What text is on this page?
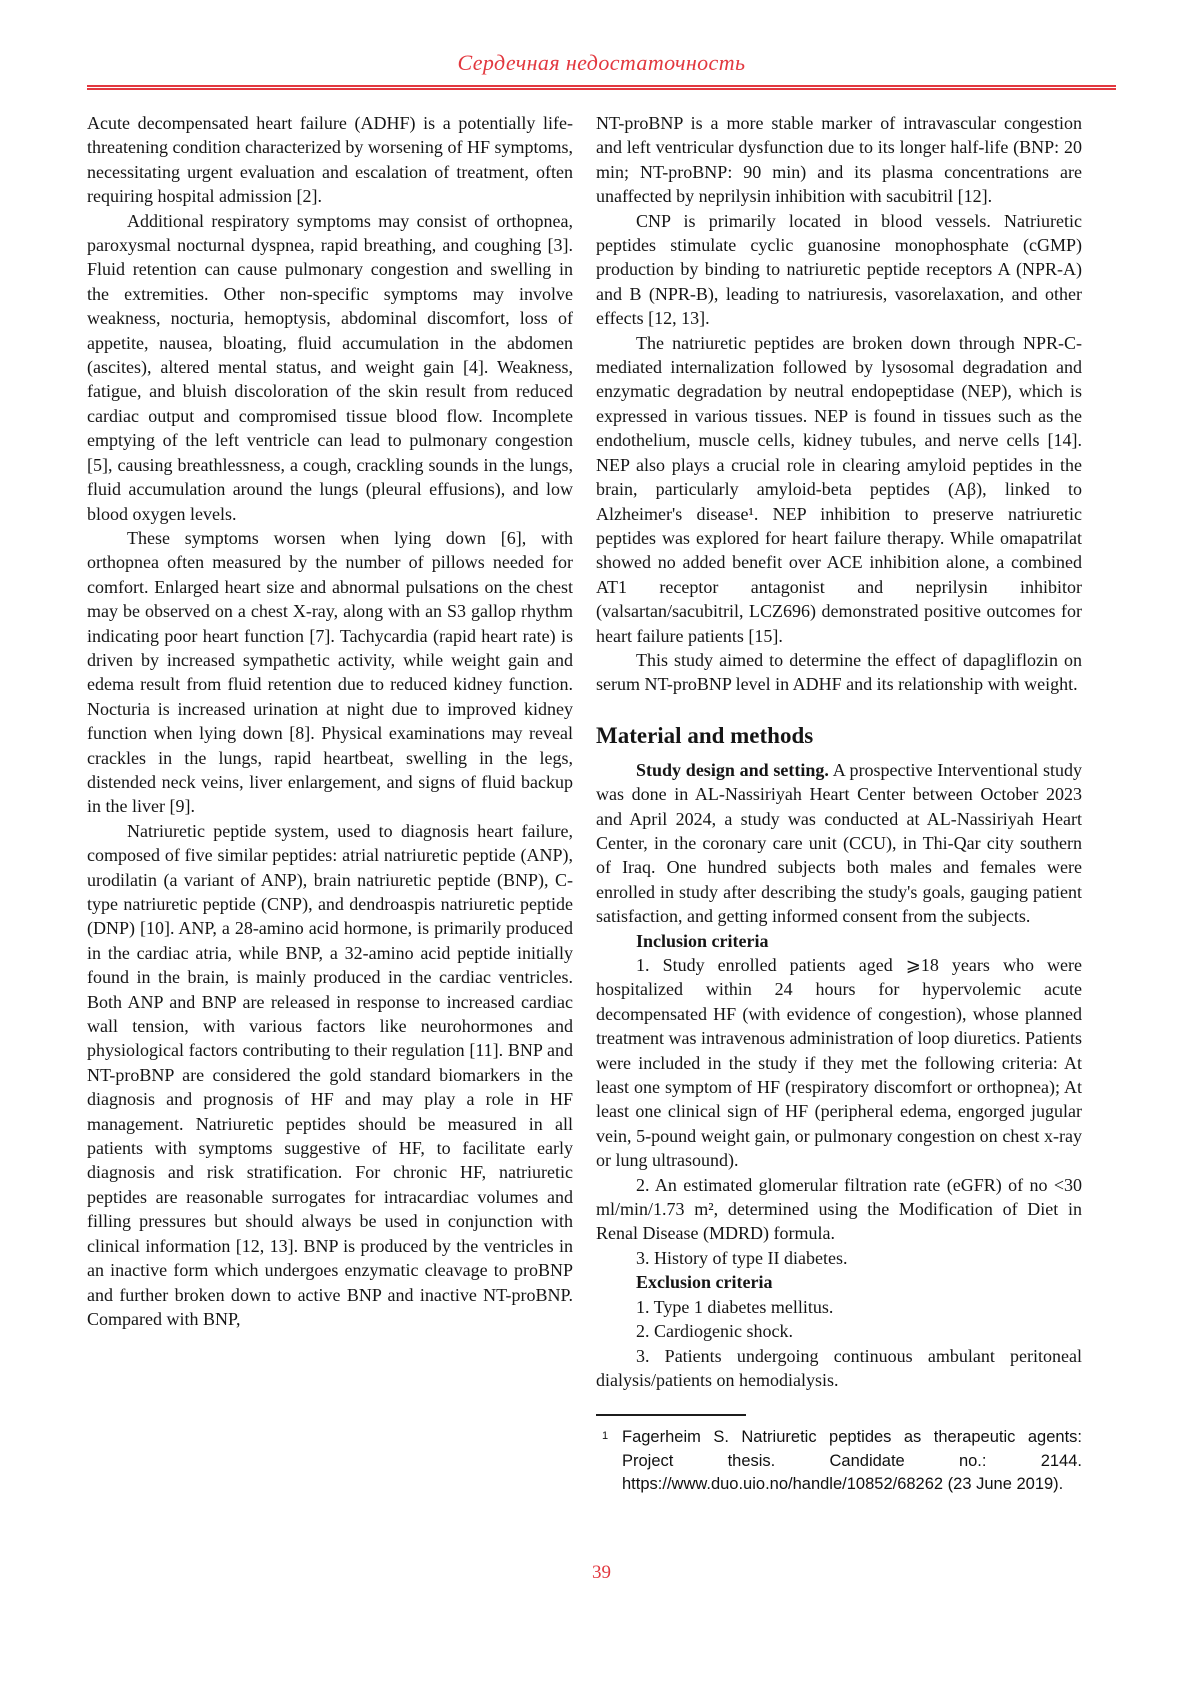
Сердечная недостаточность

Acute decompensated heart failure (ADHF) is a potentially life-threatening condition characterized by worsening of HF symptoms, necessitating urgent evaluation and escalation of treatment, often requiring hospital admission [2].

Additional respiratory symptoms may consist of orthopnea, paroxysmal nocturnal dyspnea, rapid breathing, and coughing [3]. Fluid retention can cause pulmonary congestion and swelling in the extremities. Other non-specific symptoms may involve weakness, nocturia, hemoptysis, abdominal discomfort, loss of appetite, nausea, bloating, fluid accumulation in the abdomen (ascites), altered mental status, and weight gain [4]. Weakness, fatigue, and bluish discoloration of the skin result from reduced cardiac output and compromised tissue blood flow. Incomplete emptying of the left ventricle can lead to pulmonary congestion [5], causing breathlessness, a cough, crackling sounds in the lungs, fluid accumulation around the lungs (pleural effusions), and low blood oxygen levels.

These symptoms worsen when lying down [6], with orthopnea often measured by the number of pillows needed for comfort. Enlarged heart size and abnormal pulsations on the chest may be observed on a chest X-ray, along with an S3 gallop rhythm indicating poor heart function [7]. Tachycardia (rapid heart rate) is driven by increased sympathetic activity, while weight gain and edema result from fluid retention due to reduced kidney function. Nocturia is increased urination at night due to improved kidney function when lying down [8]. Physical examinations may reveal crackles in the lungs, rapid heartbeat, swelling in the legs, distended neck veins, liver enlargement, and signs of fluid backup in the liver [9].

Natriuretic peptide system, used to diagnosis heart failure, composed of five similar peptides: atrial natriuretic peptide (ANP), urodilatin (a variant of ANP), brain natriuretic peptide (BNP), C-type natriuretic peptide (CNP), and dendroaspis natriuretic peptide (DNP) [10]. ANP, a 28-amino acid hormone, is primarily produced in the cardiac atria, while BNP, a 32-amino acid peptide initially found in the brain, is mainly produced in the cardiac ventricles. Both ANP and BNP are released in response to increased cardiac wall tension, with various factors like neurohormones and physiological factors contributing to their regulation [11]. BNP and NT-proBNP are considered the gold standard biomarkers in the diagnosis and prognosis of HF and may play a role in HF management. Natriuretic peptides should be measured in all patients with symptoms suggestive of HF, to facilitate early diagnosis and risk stratification. For chronic HF, natriuretic peptides are reasonable surrogates for intracardiac volumes and filling pressures but should always be used in conjunction with clinical information [12, 13]. BNP is produced by the ventricles in an inactive form which undergoes enzymatic cleavage to proBNP and further broken down to active BNP and inactive NT-proBNP. Compared with BNP,

NT-proBNP is a more stable marker of intravascular congestion and left ventricular dysfunction due to its longer half-life (BNP: 20 min; NT-proBNP: 90 min) and its plasma concentrations are unaffected by neprilysin inhibition with sacubitril [12].

CNP is primarily located in blood vessels. Natriuretic peptides stimulate cyclic guanosine monophosphate (cGMP) production by binding to natriuretic peptide receptors A (NPR-A) and B (NPR-B), leading to natriuresis, vasorelaxation, and other effects [12, 13].

The natriuretic peptides are broken down through NPR-C-mediated internalization followed by lysosomal degradation and enzymatic degradation by neutral endopeptidase (NEP), which is expressed in various tissues. NEP is found in tissues such as the endothelium, muscle cells, kidney tubules, and nerve cells [14]. NEP also plays a crucial role in clearing amyloid peptides in the brain, particularly amyloid-beta peptides (Aβ), linked to Alzheimer's disease¹. NEP inhibition to preserve natriuretic peptides was explored for heart failure therapy. While omapatrilat showed no added benefit over ACE inhibition alone, a combined AT1 receptor antagonist and neprilysin inhibitor (valsartan/sacubitril, LCZ696) demonstrated positive outcomes for heart failure patients [15].

This study aimed to determine the effect of dapagliflozin on serum NT-proBNP level in ADHF and its relationship with weight.

Material and methods

Study design and setting. A prospective Interventional study was done in AL-Nassiriyah Heart Center between October 2023 and April 2024, a study was conducted at AL-Nassiriyah Heart Center, in the coronary care unit (CCU), in Thi-Qar city southern of Iraq. One hundred subjects both males and females were enrolled in study after describing the study's goals, gauging patient satisfaction, and getting informed consent from the subjects.

Inclusion criteria

1. Study enrolled patients aged ⩾18 years who were hospitalized within 24 hours for hypervolemic acute decompensated HF (with evidence of congestion), whose planned treatment was intravenous administration of loop diuretics. Patients were included in the study if they met the following criteria: At least one symptom of HF (respiratory discomfort or orthopnea); At least one clinical sign of HF (peripheral edema, engorged jugular vein, 5-pound weight gain, or pulmonary congestion on chest x-ray or lung ultrasound).

2. An estimated glomerular filtration rate (eGFR) of no <30 ml/min/1.73 m², determined using the Modification of Diet in Renal Disease (MDRD) formula.

3. History of type II diabetes.

Exclusion criteria

1. Type 1 diabetes mellitus.

2. Cardiogenic shock.

3. Patients undergoing continuous ambulant peritoneal dialysis/patients on hemodialysis.

1 Fagerheim S. Natriuretic peptides as therapeutic agents: Project thesis. Candidate no.: 2144. https://www.duo.uio.no/handle/10852/68262 (23 June 2019).
39
